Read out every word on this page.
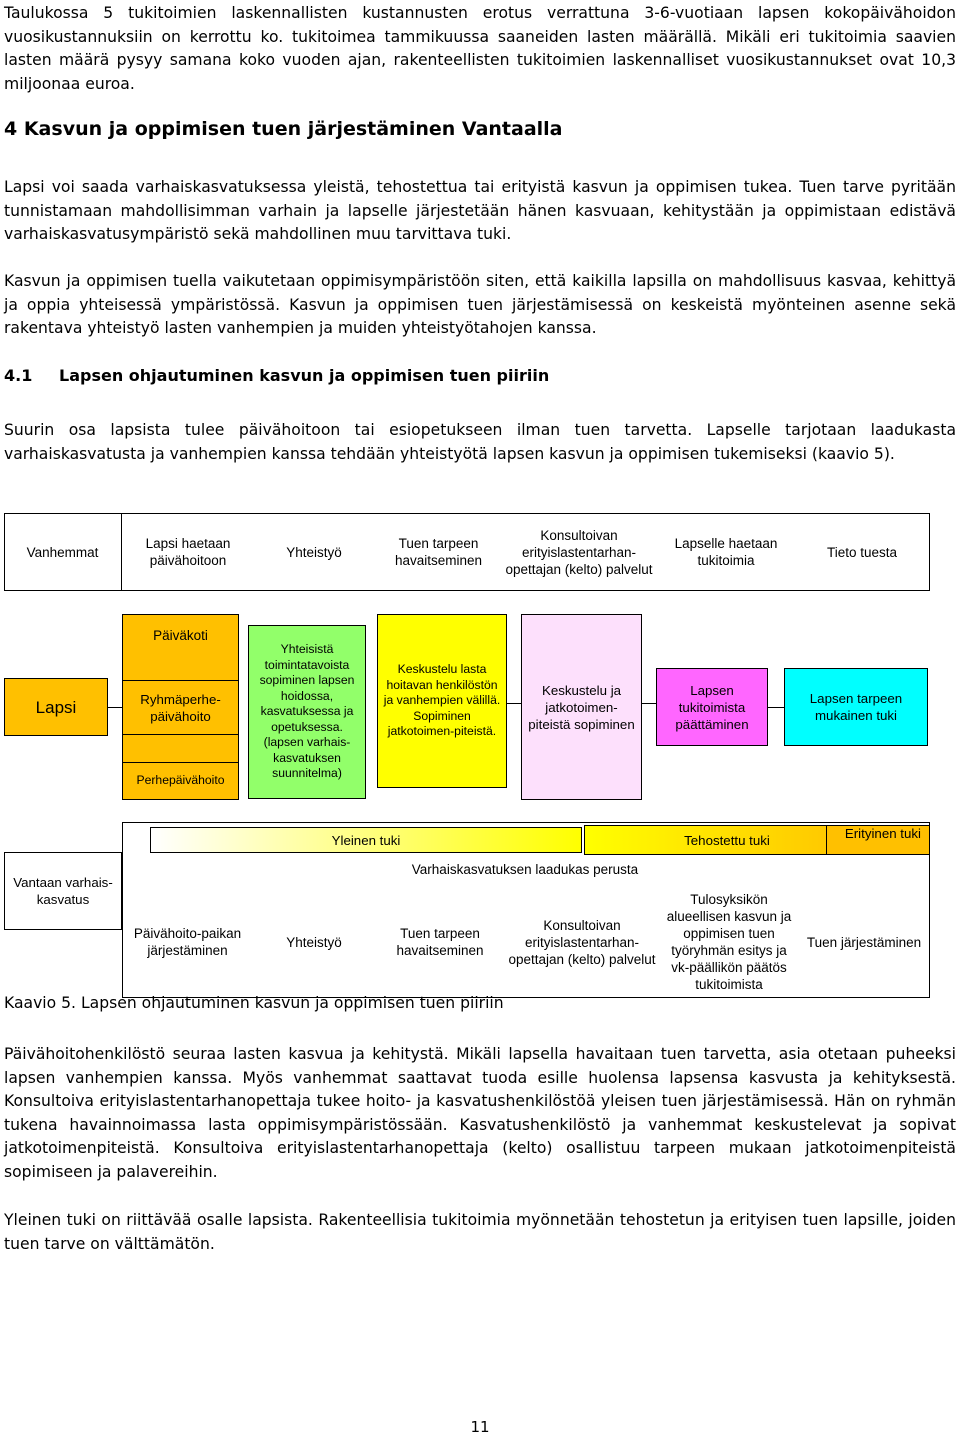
Taulukossa 5 tukitoimien laskennallisten kustannusten erotus verrattuna 3-6-vuotiaan lapsen kokopäivähoidon vuosikustannuksiin on kerrottu ko. tukitoimea tammikuussa saaneiden lasten määrällä. Mikäli eri tukitoimia saavien lasten määrä pysyy samana koko vuoden ajan, rakenteellisten tukitoimien laskennalliset vuosikustannukset ovat 10,3 miljoonaa euroa.

4 Kasvun ja oppimisen tuen järjestäminen Vantaalla

Lapsi voi saada varhaiskasvatuksessa yleistä, tehostettua tai erityistä kasvun ja oppimisen tukea. Tuen tarve pyritään tunnistamaan mahdollisimman varhain ja lapselle järjestetään hänen kasvuaan, kehitystään ja oppimistaan edistävä varhaiskasvatusympäristö sekä mahdollinen muu tarvittava tuki.

Kasvun ja oppimisen tuella vaikutetaan oppimisympäristöön siten, että kaikilla lapsilla on mahdollisuus kasvaa, kehittyä ja oppia yhteisessä ympäristössä. Kasvun ja oppimisen tuen järjestämisessä on keskeistä myönteinen asenne sekä rakentava yhteistyö lasten vanhempien ja muiden yhteistyötahojen kanssa.

4.1 Lapsen ohjautuminen kasvun ja oppimisen tuen piiriin

Suurin osa lapsista tulee päivähoitoon tai esiopetukseen ilman tuen tarvetta. Lapselle tarjotaan laadukasta varhaiskasvatusta ja vanhempien kanssa tehdään yhteistyötä lapsen kasvun ja oppimisen tukemiseksi (kaavio 5).

Vanhemmat
Lapsi haetaan päivähoitoon
Yhteistyö
Tuen tarpeen havaitseminen
Konsultoivan erityislastentarhan-opettajan (kelto) palvelut
Lapselle haetaan tukitoimia
Tieto tuesta
Lapsi
Päiväkoti
Ryhmäperhe-päivähoito
Perhepäivähoito
Yhteisistä toimintatavoista sopiminen lapsen hoidossa, kasvatuksessa ja opetuksessa. (lapsen varhais-kasvatuksen suunnitelma)
Keskustelu lasta hoitavan henkilöstön ja vanhempien välillä. Sopiminen jatkotoimen-piteistä.
Keskustelu ja jatkotoimen-piteistä sopiminen
Lapsen tukitoimista päättäminen
Lapsen tarpeen mukainen tuki
Vantaan varhais-kasvatus
Yleinen tuki	Tehostettu tuki	Erityinen tuki
Varhaiskasvatuksen laadukas perusta
Päivähoito-paikan järjestäminen
Yhteistyö
Tuen tarpeen havaitseminen
Konsultoivan erityislastentarhan-opettajan (kelto) palvelut
Tulosyksikön alueellisen kasvun ja oppimisen tuen työryhmän esitys ja vk-päällikön päätös tukitoimista
Tuen järjestäminen

Kaavio 5. Lapsen ohjautuminen kasvun ja oppimisen tuen piiriin

Päivähoitohenkilöstö seuraa lasten kasvua ja kehitystä. Mikäli lapsella havaitaan tuen tarvetta, asia otetaan puheeksi lapsen vanhempien kanssa. Myös vanhemmat saattavat tuoda esille huolensa lapsensa kasvusta ja kehityksestä. Konsultoiva erityislastentarhanopettaja tukee hoito- ja kasvatushenkilöstöä yleisen tuen järjestämisessä. Hän on ryhmän tukena havainnoimassa lasta oppimisympäristössään. Kasvatushenkilöstö ja vanhemmat keskustelevat ja sopivat jatkotoimenpiteistä. Konsultoiva erityislastentarhanopettaja (kelto) osallistuu tarpeen mukaan jatkotoimenpiteistä sopimiseen ja palavereihin.

Yleinen tuki on riittävää osalle lapsista. Rakenteellisia tukitoimia myönnetään tehostetun ja erityisen tuen lapsille, joiden tuen tarve on välttämätön.

11
